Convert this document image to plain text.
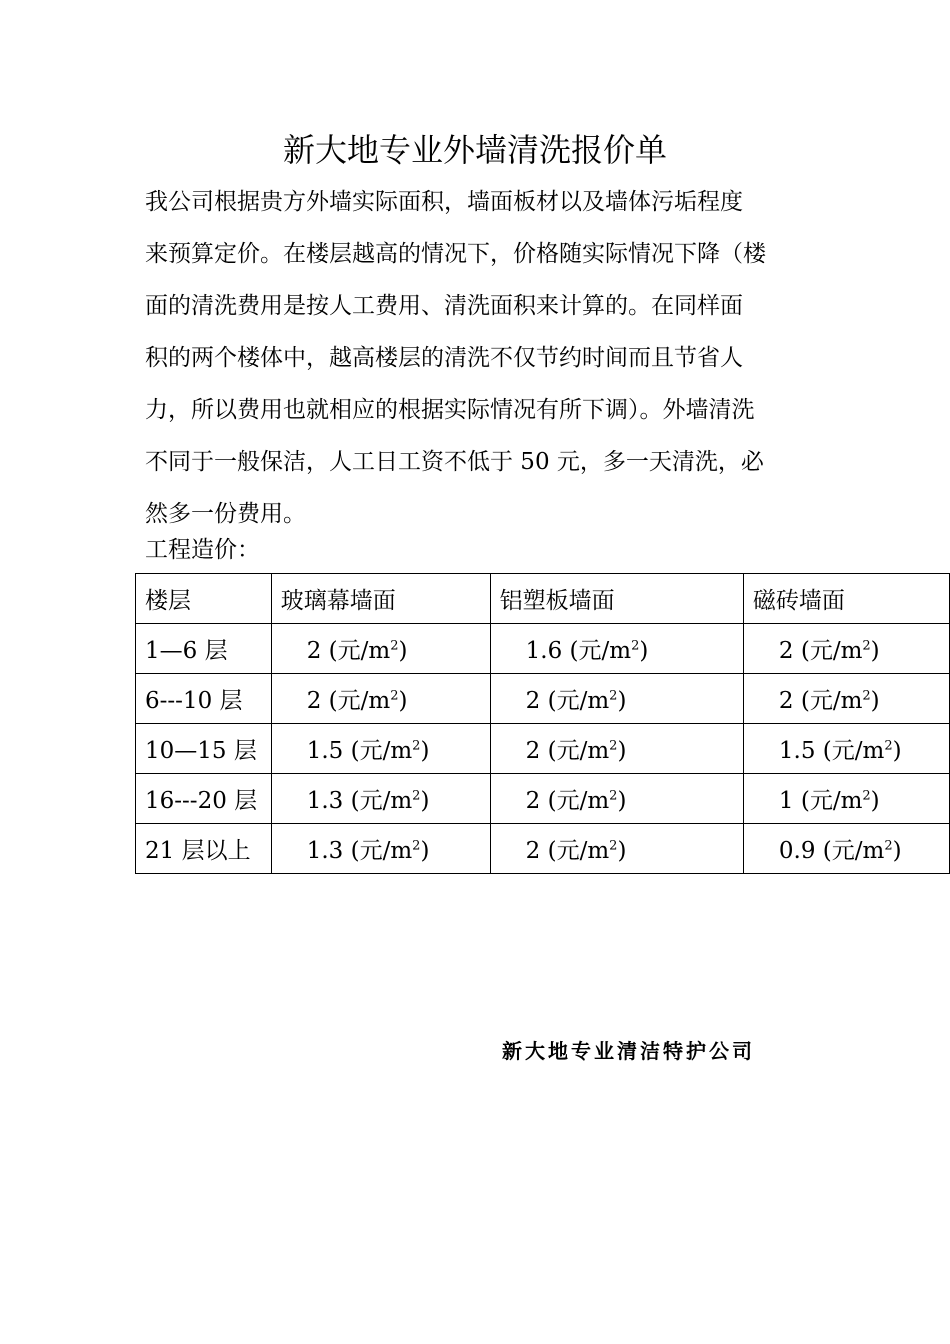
新大地专业外墙清洗报价单

我公司根据贵方外墙实际面积，墙面板材以及墙体污垢程度
来预算定价。在楼层越高的情况下，价格随实际情况下降（楼
面的清洗费用是按人工费用、清洗面积来计算的。在同样面
积的两个楼体中，越高楼层的清洗不仅节约时间而且节省人
力，所以费用也就相应的根据实际情况有所下调）。外墙清洗
不同于一般保洁，人工日工资不低于 50 元，多一天清洗，必
然多一份费用。

工程造价：

楼层	玻璃幕墙面	铝塑板墙面	磁砖墙面
1—6 层	2 (元$/m^2$)	1.6 (元$/m^2$)	2 (元$/m^2$)
6---10 层	2 (元$/m^2$)	2 (元$/m^2$)	2 (元$/m^2$)
10—15 层	1.5 (元$/m^2$)	2 (元$/m^2$)	1.5 (元$/m^2$)
16---20 层	1.3 (元$/m^2$)	2 (元$/m^2$)	1 (元$/m^2$)
21 层以上	1.3 (元$/m^2$)	2 (元$/m^2$)	0.9 (元$/m^2$)

新大地专业清洁特护公司
